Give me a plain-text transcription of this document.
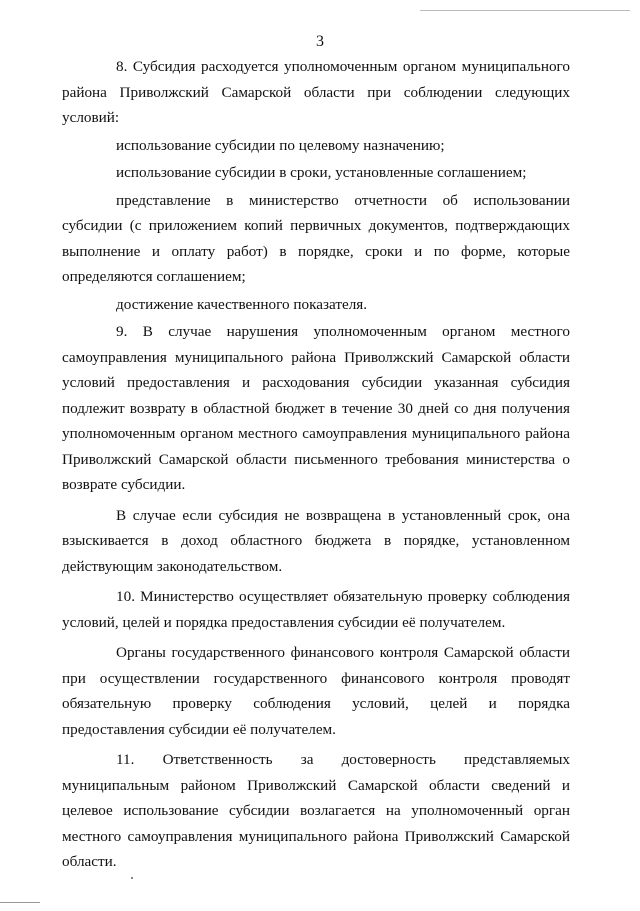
3

8. Субсидия расходуется уполномоченным органом муниципального района Приволжский Самарской области при соблюдении следующих условий:

использование субсидии по целевому назначению;

использование субсидии в сроки, установленные соглашением;

представление в министерство отчетности об использовании субсидии (с приложением копий первичных документов, подтверждающих выполнение и оплату работ) в порядке, сроки и по форме, которые определяются соглашением;

достижение качественного показателя.

9. В случае нарушения уполномоченным органом местного самоуправления муниципального района Приволжский Самарской области условий предоставления и расходования субсидии указанная субсидия подлежит возврату в областной бюджет в течение 30 дней со дня получения уполномоченным органом местного самоуправления муниципального района Приволжский Самарской области письменного требования министерства о возврате субсидии.

В случае если субсидия не возвращена в установленный срок, она взыскивается в доход областного бюджета в порядке, установленном действующим законодательством.

10. Министерство осуществляет обязательную проверку соблюдения условий, целей и порядка предоставления субсидии её получателем.

Органы государственного финансового контроля Самарской области при осуществлении государственного финансового контроля проводят обязательную проверку соблюдения условий, целей и порядка предоставления субсидии её получателем.

11. Ответственность за достоверность представляемых муниципальным районом Приволжский Самарской области сведений и целевое использование субсидии возлагается на уполномоченный орган местного самоуправления муниципального района Приволжский Самарской области.
